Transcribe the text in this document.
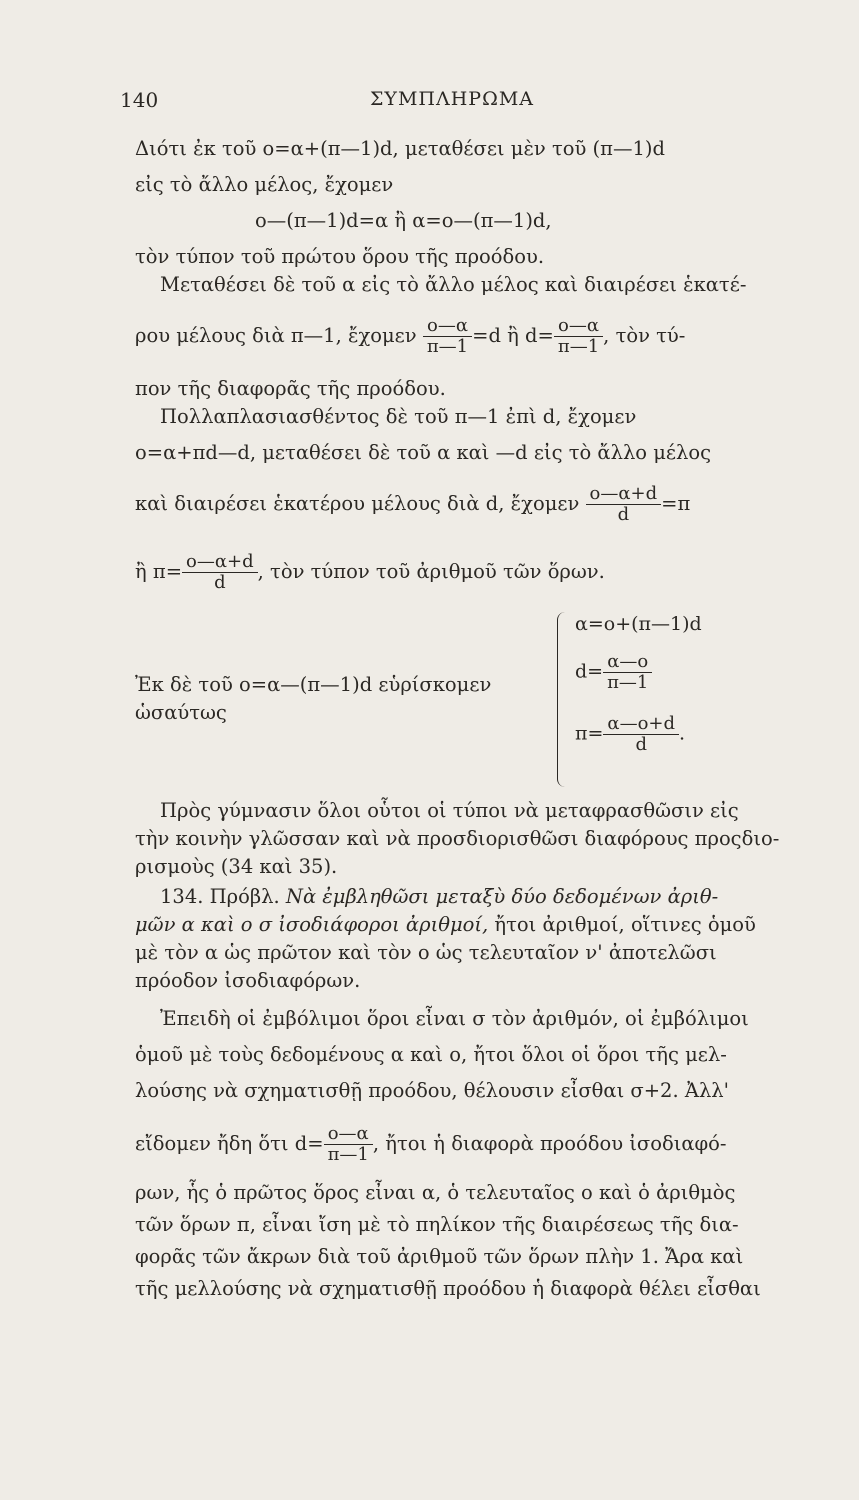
140	ΣΥΜΠΛΗΡΩΜΑ
Διότι ἐκ τοῦ ο=α+(π—1)d, μεταθέσει μὲν τοῦ (π—1)d
εἰς τὸ ἄλλο μέλος, ἔχομεν
ο—(π—1)d=α ἢ α=ο—(π—1)d,
τὸν τύπον τοῦ πρώτου ὅρου τῆς προόδου.
Μεταθέσει δὲ τοῦ α εἰς τὸ ἄλλο μέλος καὶ διαιρέσει ἑκατέ-
ρου μέλους διὰ π—1, ἔχομεν $\frac{o—\alpha}{\pi—1} =d$ ἢ $d= \frac{o—\alpha}{\pi—1}$ , τὸν τύ-
πον τῆς διαφορᾶς τῆς προόδου.
Πολλαπλασιασθέντος δὲ τοῦ π—1 ἐπὶ d, ἔχομεν
ο=α+πd—d, μεταθέσει δὲ τοῦ α καὶ —d εἰς τὸ ἄλλο μέλος
καὶ διαιρέσει ἑκατέρου μέλους διὰ d, ἔχομεν $\frac{o—\alpha+d}{d} =\pi$
ἢ $\pi= \frac{o—\alpha+d}{d}$ , τὸν τύπον τοῦ ἀριθμοῦ τῶν ὅρων.
Ἐκ δὲ τοῦ ο=α—(π—1)d εὑρίσκομεν
ὡσαύτως
α=ο+(π—1)d
$d= \frac{\alpha—o}{\pi—1}$
$\pi= \frac{\alpha—o+d}{d}$ .
Πρὸς γύμνασιν ὅλοι οὗτοι οἱ τύποι νὰ μεταφρασθῶσιν εἰς
τὴν κοινὴν γλῶσσαν καὶ νὰ προσδιορισθῶσι διαφόρους προςδιο-
ρισμοὺς (34 καὶ 35).
134. Πρόβλ. Νὰ ἐμβληθῶσι μεταξὺ δύο δεδομένων ἀριθ-
μῶν α καὶ ο σ ἰσοδιάφοροι ἀριθμοί, ἤτοι ἀριθμοί, οἵτινες ὁμοῦ
μὲ τὸν α ὡς πρῶτον καὶ τὸν ο ὡς τελευταῖον ν' ἀποτελῶσι
πρόοδον ἰσοδιαφόρων.
Ἐπειδὴ οἱ ἐμβόλιμοι ὅροι εἶναι σ τὸν ἀριθμόν, οἱ ἐμβόλιμοι
ὁμοῦ μὲ τοὺς δεδομένους α καὶ ο, ἤτοι ὅλοι οἱ ὅροι τῆς μελ-
λούσης νὰ σχηματισθῇ προόδου, θέλουσιν εἶσθαι σ+2. Ἀλλ'
εἴδομεν ἤδη ὅτι $d= \frac{o—\alpha}{\pi—1}$ , ἤτοι ἡ διαφορὰ προόδου ἰσοδιαφό-
ρων, ἧς ὁ πρῶτος ὅρος εἶναι α, ὁ τελευταῖος ο καὶ ὁ ἀριθμὸς
τῶν ὅρων π, εἶναι ἴση μὲ τὸ πηλίκον τῆς διαιρέσεως τῆς δια-
φορᾶς τῶν ἄκρων διὰ τοῦ ἀριθμοῦ τῶν ὅρων πλὴν 1. Ἄρα καὶ
τῆς μελλούσης νὰ σχηματισθῇ προόδου ἡ διαφορὰ θέλει εἶσθαι
